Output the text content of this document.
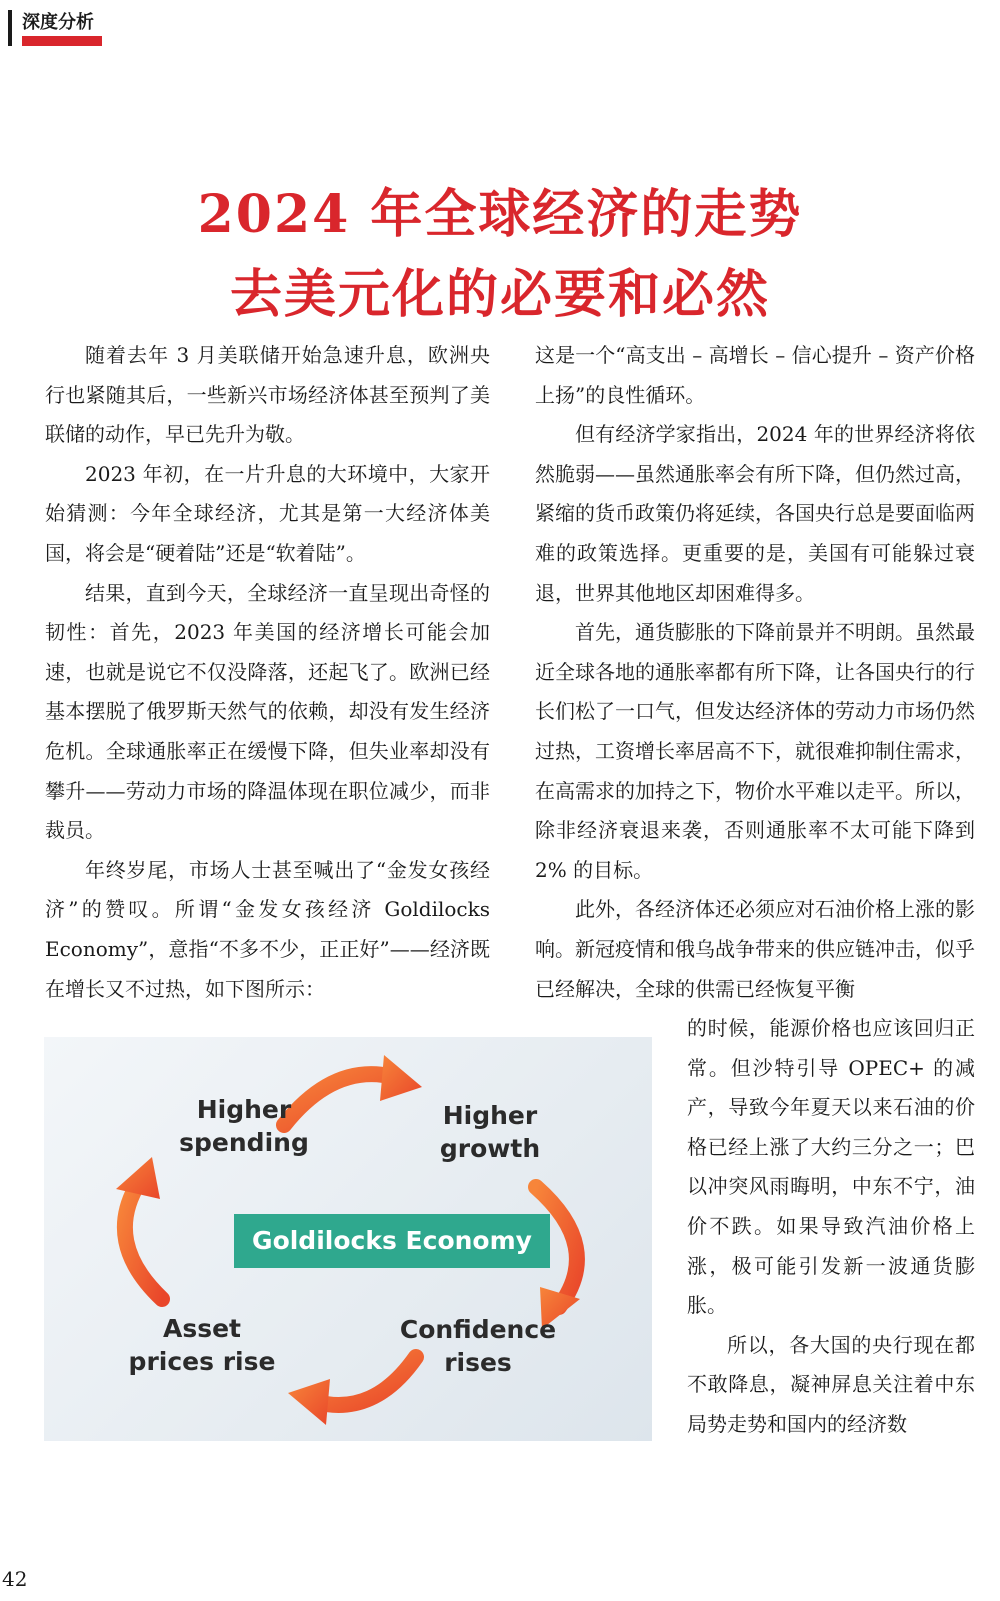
深度分析
2024 年全球经济的走势
去美元化的必要和必然

随着去年 3 月美联储开始急速升息，欧洲央行也紧随其后，一些新兴市场经济体甚至预判了美联储的动作，早已先升为敬。

2023 年初，在一片升息的大环境中，大家开始猜测：今年全球经济，尤其是第一大经济体美国，将会是“硬着陆”还是“软着陆”。

结果，直到今天，全球经济一直呈现出奇怪的韧性：首先，2023 年美国的经济增长可能会加速，也就是说它不仅没降落，还起飞了。欧洲已经基本摆脱了俄罗斯天然气的依赖，却没有发生经济危机。全球通胀率正在缓慢下降，但失业率却没有攀升——劳动力市场的降温体现在职位减少，而非裁员。

年终岁尾，市场人士甚至喊出了“金发女孩经济”的赞叹。所谓“金发女孩经济 Goldilocks Economy”，意指“不多不少，正正好”——经济既在增长又不过热，如下图所示：

这是一个“高支出 – 高增长 – 信心提升 – 资产价格上扬”的良性循环。

但有经济学家指出，2024 年的世界经济将依然脆弱——虽然通胀率会有所下降，但仍然过高，紧缩的货币政策仍将延续，各国央行总是要面临两难的政策选择。更重要的是，美国有可能躲过衰退，世界其他地区却困难得多。

首先，通货膨胀的下降前景并不明朗。虽然最近全球各地的通胀率都有所下降，让各国央行的行长们松了一口气，但发达经济体的劳动力市场仍然过热，工资增长率居高不下，就很难抑制住需求，在高需求的加持之下，物价水平难以走平。所以，除非经济衰退来袭，否则通胀率不太可能下降到 2% 的目标。

此外，各经济体还必须应对石油价格上涨的影响。新冠疫情和俄乌战争带来的供应链冲击，似乎已经解决，全球的供需已经恢复平衡

的时候，能源价格也应该回归正常。但沙特引导 OPEC+ 的减产，导致今年夏天以来石油的价格已经上涨了大约三分之一；巴以冲突风雨晦明，中东不宁，油价不跌。如果导致汽油价格上涨，极可能引发新一波通货膨胀。

所以，各大国的央行现在都不敢降息，凝神屏息关注着中东局势走势和国内的经济数

Higher
spending
Higher
growth
Goldilocks Economy
Confidence
rises
Asset
prices rise
42
